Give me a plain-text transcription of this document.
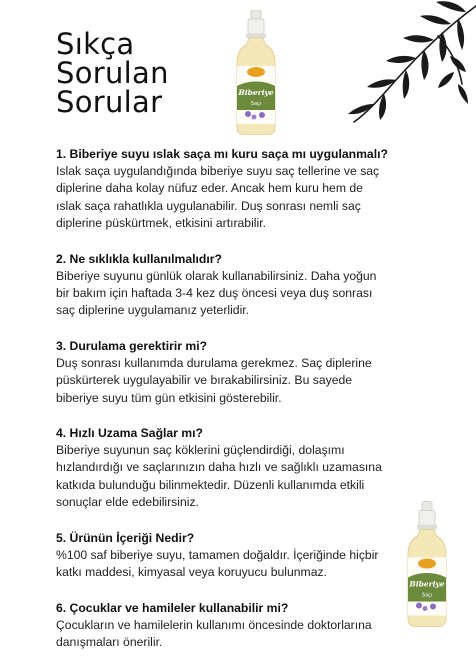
Sıkça
Sorulan
Sorular	Biberiye
Saçı
Biberiye
Saçı

1. Biberiye suyu ıslak saça mı kuru saça mı uygulanmalı?

Islak saça uygulandığında biberiye suyu saç tellerine ve saç
diplerine daha kolay nüfuz eder. Ancak hem kuru hem de
ıslak saça rahatlıkla uygulanabilir. Duş sonrası nemli saç
diplerine püskürtmek, etkisini artırabilir.

2. Ne sıklıkla kullanılmalıdır?

Biberiye suyunu günlük olarak kullanabilirsiniz. Daha yoğun
bir bakım için haftada 3-4 kez duş öncesi veya duş sonrası
saç diplerine uygulamanız yeterlidir.

3. Durulama gerektirir mi?

Duş sonrası kullanımda durulama gerekmez. Saç diplerine
püskürterek uygulayabilir ve bırakabilirsiniz. Bu sayede
biberiye suyu tüm gün etkisini gösterebilir.

4. Hızlı Uzama Sağlar mı?

Biberiye suyunun saç köklerini güçlendirdiği, dolaşımı
hızlandırdığı ve saçlarınızın daha hızlı ve sağlıklı uzamasına
katkıda bulunduğu bilinmektedir. Düzenli kullanımda etkili
sonuçlar elde edebilirsiniz.

5. Ürünün İçeriği Nedir?

%100 saf biberiye suyu, tamamen doğaldır. İçeriğinde hiçbir
katkı maddesi, kimyasal veya koruyucu bulunmaz.

6. Çocuklar ve hamileler kullanabilir mi?

Çocukların ve hamilelerin kullanımı öncesinde doktorlarına
danışmaları önerilir.
